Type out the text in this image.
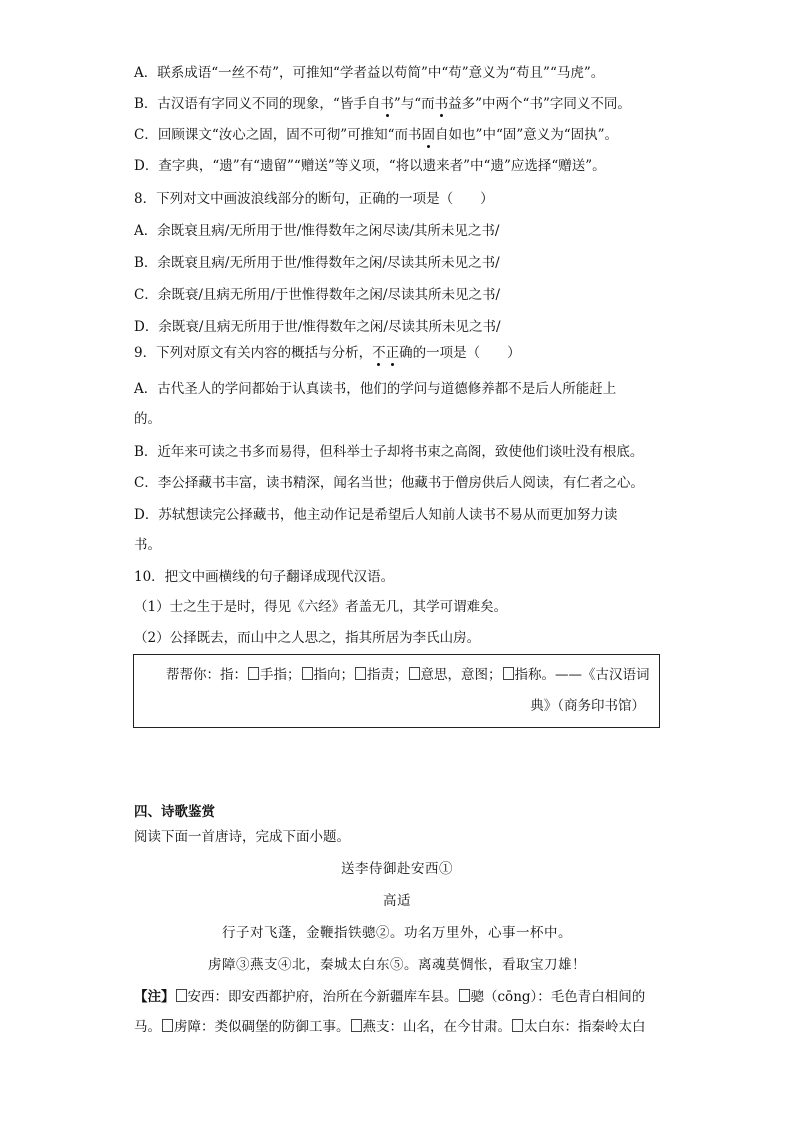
A．联系成语“一丝不苟”，可推知“学者益以苟简”中“苟”意义为“苟且”“马虎”。
B．古汉语有字同义不同的现象，“皆手自书”与“而书益多”中两个“书”字同义不同。
C．回顾课文“汝心之固，固不可彻”可推知“而书固自如也”中“固”意义为“固执”。
D．查字典，“遗”有“遗留”“赠送”等义项，“将以遗来者”中“遗”应选择“赠送”。
8．下列对文中画波浪线部分的断句，正确的一项是（　　）
A．余既衰且病/无所用于世/惟得数年之闲尽读/其所未见之书/
B．余既衰且病/无所用于世/惟得数年之闲/尽读其所未见之书/
C．余既衰/且病无所用/于世惟得数年之闲/尽读其所未见之书/
D．余既衰/且病无所用于世/惟得数年之闲/尽读其所未见之书/
9．下列对原文有关内容的概括与分析，不正确的一项是（　　）
A．古代圣人的学问都始于认真读书，他们的学问与道德修养都不是后人所能赶上
的。
B．近年来可读之书多而易得，但科举士子却将书束之高阁，致使他们谈吐没有根底。
C．李公择藏书丰富，读书精深，闻名当世；他藏书于僧房供后人阅读，有仁者之心。
D．苏轼想读完公择藏书，他主动作记是希望后人知前人读书不易从而更加努力读
书。
10．把文中画横线的句子翻译成现代汉语。
（1）士之生于是时，得见《六经》者盖无几，其学可谓难矣。
（2）公择既去，而山中之人思之，指其所居为李氏山房。
帮帮你：指： 手指； 指向； 指责； 意思，意图； 指称。——《古汉语词
典》（商务印书馆）
四、诗歌鉴赏
阅读下面一首唐诗，完成下面小题。
送李侍御赴安西①
高适
行子对飞蓬，金鞭指铁骢②。功名万里外，心事一杯中。
虏障③燕支④北，秦城太白东⑤。离魂莫惆怅，看取宝刀雄！
【注】 安西：即安西都护府，治所在今新疆库车县。 骢（cōng）：毛色青白相间的
马。 虏障：类似碉堡的防御工事。 燕支：山名，在今甘肃。 太白东：指秦岭太白
